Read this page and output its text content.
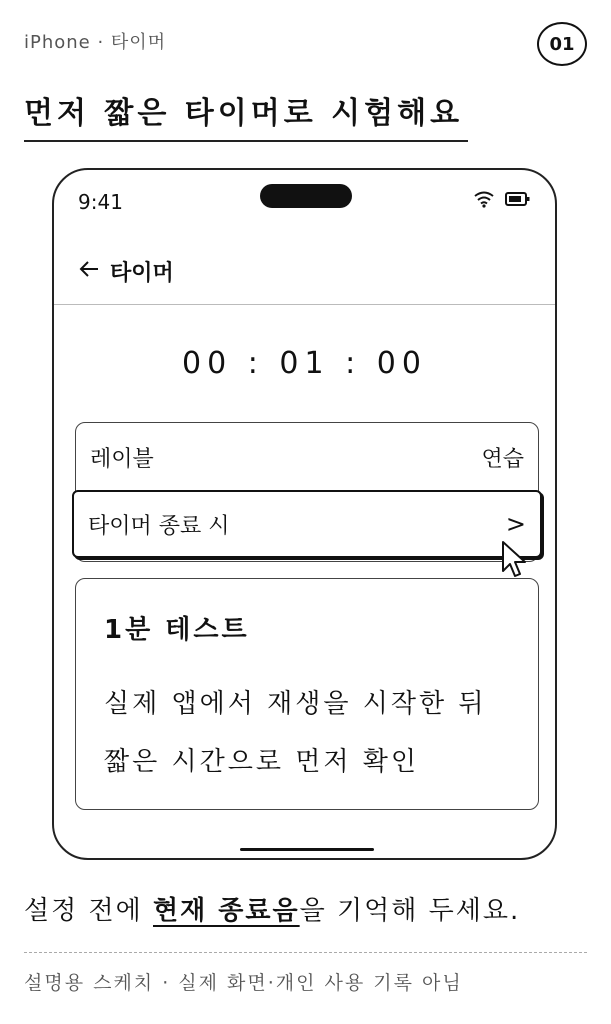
iPhone · 타이머	01
먼저 짧은 타이머로 시험해요
9:41
타이머
00 : 01 : 00
레이블	연습
타이머 종료 시	>
1분 테스트
실제 앱에서 재생을 시작한 뒤
짧은 시간으로 먼저 확인
설정 전에 현재 종료음을 기억해 두세요.
설명용 스케치 · 실제 화면·개인 사용 기록 아님
